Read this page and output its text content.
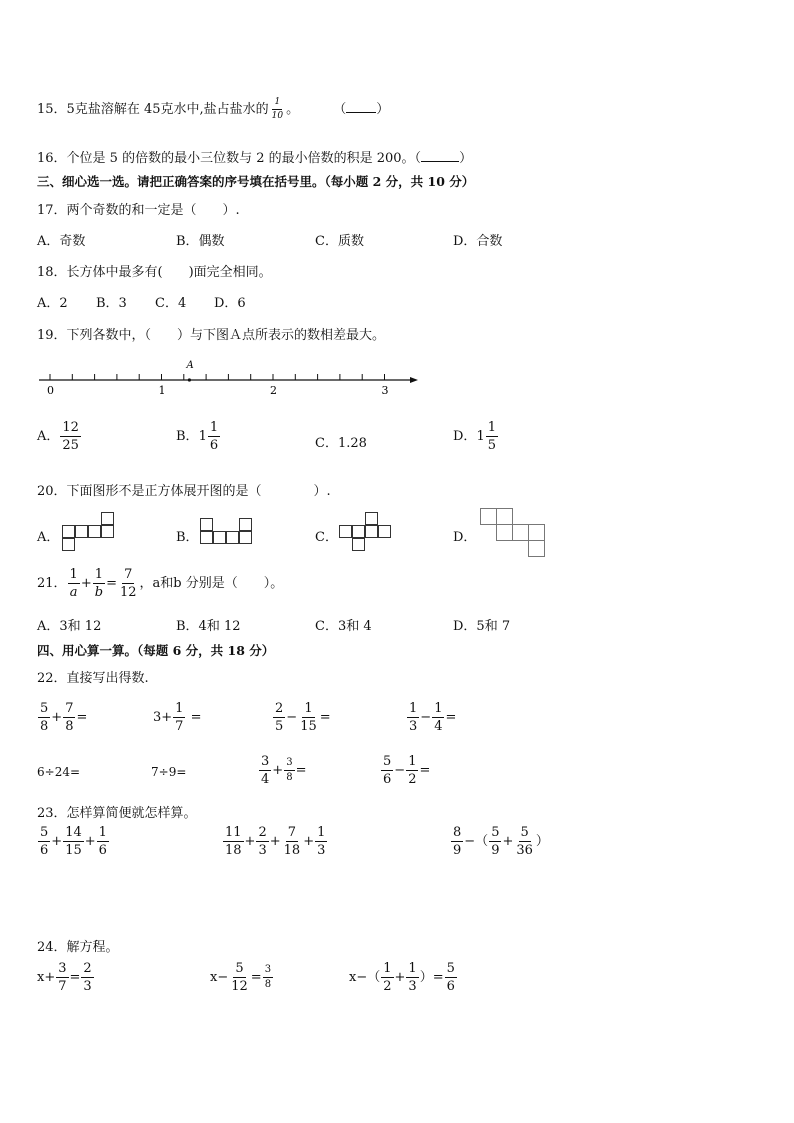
15．5克盐溶解在 45克水中,盐占盐水的 $\frac{1}{10}$ 。	（ ）
16．个位是 5 的倍数的最小三位数与 2 的最小倍数的积是 200。（	）
三、细心选一选。请把正确答案的序号填在括号里。（每小题 2 分，共 10 分）
17．两个奇数的和一定是（　　）.
A．奇数	B．偶数	C．质数	D．合数
18．长方体中最多有(　　)面完全相同。
A．2 B．3 C．4 D．6
19．下列各数中，（　　）与下图Ａ点所表示的数相差最大。
A
0	1	2	3
A． $\frac{12}{25}$	B． $1 \frac{1}{6}$	C．1.28	D． $1 \frac{1}{5}$
20．下面图形不是正方体展开图的是（　　　　）.
A．	B．	C．	D．
21． $\frac{1}{a} + \frac{1}{b} = \frac{7}{12}$ ，a和b 分别是（　　）。
A．3和 12	B．4和 12	C．3和 4	D．5和 7
四、用心算一算。（每题 6 分，共 18 分）
22．直接写出得数.
$\frac{5}{8} + \frac{7}{8}$ =	$3+ \frac{1}{7}$ =	$\frac{2}{5} - \frac{1}{15}$ =	$\frac{1}{3} - \frac{1}{4}$ =
6÷24=	7÷9=	$\frac{3}{4} + \frac{3}{8}$ =	$\frac{5}{6} - \frac{1}{2}$ =
23．怎样算简便就怎样算。
$\frac{5}{6} + \frac{14}{15} + \frac{1}{6}$	$\frac{11}{18} + \frac{2}{3} + \frac{7}{18} + \frac{1}{3}$	$\frac{8}{9}$ −（ $\frac{5}{9} + \frac{5}{36}$ ）
24．解方程。
$x+ \frac{3}{7} = \frac{2}{3}$	$x- \frac{5}{12} = \frac{3}{8}$	$x-( \frac{1}{2} + \frac{1}{3}$ ）= $\frac{5}{6}$
